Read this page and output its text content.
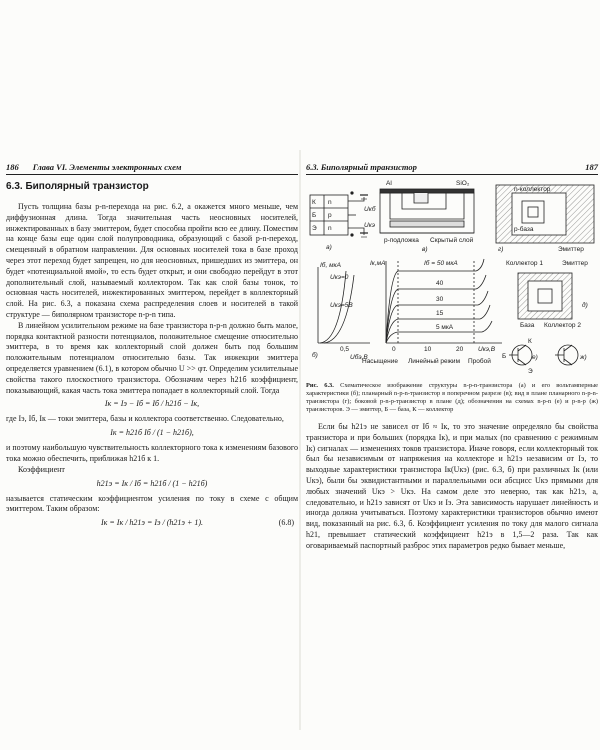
186 Глава VI. Элементы электронных схем
6.3. Биполярный транзистор

Пусть толщина базы p-n-перехода на рис. 6.2, а окажется много меньше, чем диффузионная длина. Тогда значительная часть неосновных носителей, инжектированных в базу эмиттером, будет способна пройти всю ее длину. Поместим на конце базы еще один слой полупроводника, образующий с базой p-n-переход, смещенный в обратном направлении. Для основных носителей тока в базе проход через этот переход будет запрещен, но для неосновных, пришедших из эмиттера, он будет «потенциальной ямой», то есть будет открыт, и они свободно перейдут в этот дополнительный слой, называемый коллектором. Так как слой базы тонок, то основная часть носителей, инжектированных эмиттером, перейдет в коллекторный слой. На рис. 6.3, а показана схема распределения слоев и носителей в такой структуре — биполярном транзисторе n-p-n типа.

В линейном усилительном режиме на базе транзистора n-p-n должно быть малое, порядка контактной разности потенциалов, положительное смещение относительно эмиттера, в то время как коллекторный слой должен быть под большим положительным потенциалом относительно базы. Так инжекции эмиттера определяется уравнением (6.1), в котором обычно U >> φт. Определим усилительные свойства такого плоскостного транзистора. Обозначим через h21б коэффициент, показывающий, какая часть тока эмиттера попадает в коллекторный слой. Тогда

Iк = Iэ − Iб = Iб / h21б − Iк,

где Iэ, Iб, Iк — токи эмиттера, базы и коллектора соответственно. Следовательно,

Iк = h21б Iб / (1 − h21б),

и поэтому наибольшую чувствительность коллекторного тока к изменениям базового тока можно обеспечить, приближая h21б к 1.

Коэффициент

h21э = Iк / Iб = h21б / (1 − h21б)

называется статическим коэффициентом усиления по току в схеме с общим эмиттером. Таким образом:

Iк = Iк / h21э = Iэ / (h21э + 1).	(6.8)
6.3. Биполярный транзистор	187
К n
Б p
Э n
Uкб
Uкэ
а)
Al	SiO₂
p-подложка Скрытый слой
в)
n-коллектор
p-база
Эмиттер
г)
Коллектор 1	Эмиттер
База Коллектор 2
д)
Iб, мкА
Uкэ=0
Uкэ=5В
0,5
Uбэ,В
б)
Iк,мА	Iб = 50 мкА
40
30
15
5 мкА
0	10	20 Uкэ,В
Насыщение Линейный режим Пробой
Б
К
Э
е)	ж)

Рис. 6.3. Схематическое изображение структуры n-p-n-транзистора (а) и его вольтамперные характеристики (б); планарный n-p-n-транзистор в поперечном разрезе (в); вид в плане планарного n-p-n-транзистора (г); боковой p-n-p-транзистор в плане (д); обозначения на схемах n-p-n (е) и p-n-p (ж) транзисторов. Э — эмиттер, Б — база, К — коллектор

Если бы h21э не зависел от Iб ≈ Iк, то это значение определяло бы свойства транзистора и при больших (порядка Iк), и при малых (по сравнению с режимным Iк) сигналах — изменениях токов транзистора. Иначе говоря, если коллекторный ток был бы независимым от напряжения на коллекторе и h21э независим от Iэ, то выходные характеристики транзистора Iк(Uкэ) (рис. 6.3, б) при различных Iк (или Uкэ), были бы эквидистантными и параллельными оси абсцисс Uкэ прямыми для любых значений Uкэ > Uкэ. На самом деле это неверно, так как h21э, а, следовательно, и h21э зависят от Uкэ и Iэ. Эта зависимость нарушает линейность и иногда должна учитываться. Поэтому характеристики транзисторов обычно имеют вид, показанный на рис. 6.3, б. Коэффициент усиления по току для малого сигнала h21, превышает статический коэффициент h21э в 1,5—2 раза. Так как оговариваемый паспортный разброс этих параметров редко бывает меньше,
